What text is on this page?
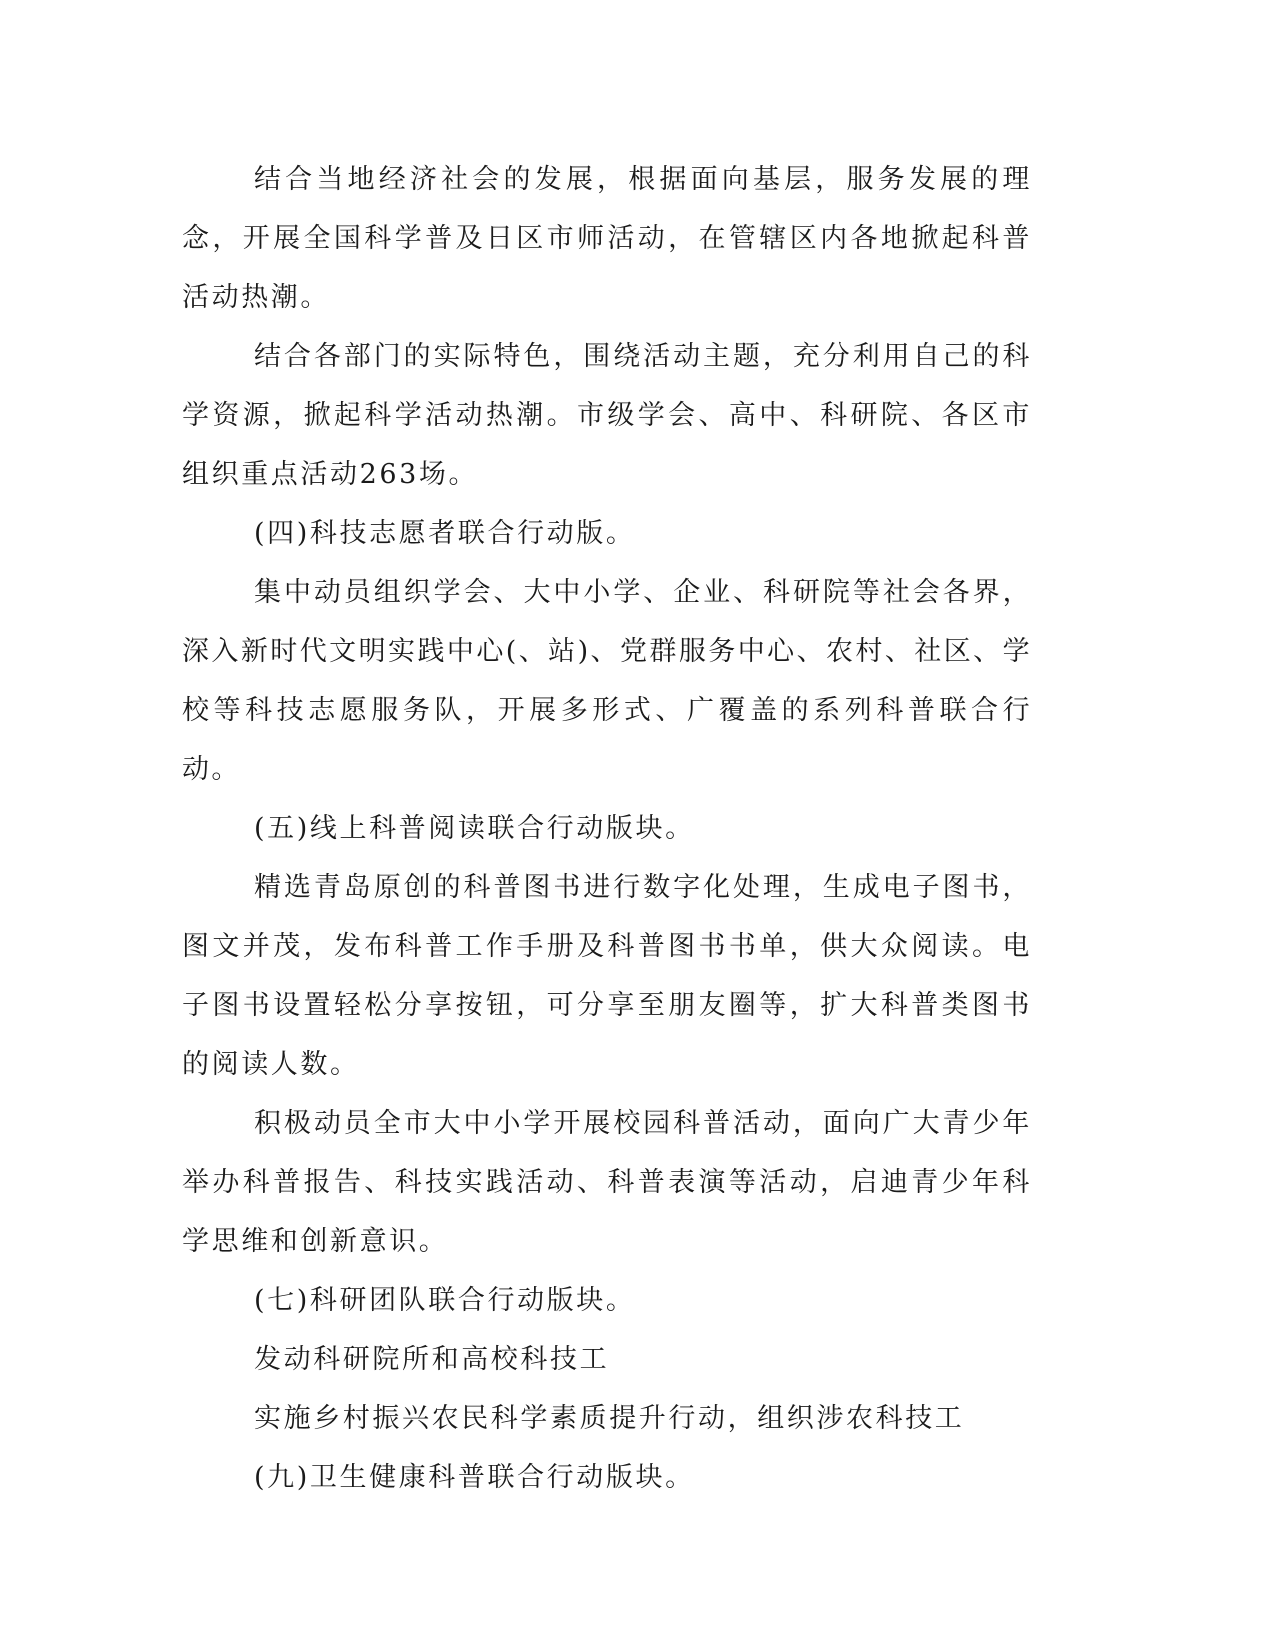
结合当地经济社会的发展，根据面向基层，服务发展的理念，开展全国科学普及日区市师活动，在管辖区内各地掀起科普活动热潮。

结合各部门的实际特色，围绕活动主题，充分利用自己的科学资源，掀起科学活动热潮。市级学会、高中、科研院、各区市组织重点活动263场。

(四)科技志愿者联合行动版。

集中动员组织学会、大中小学、企业、科研院等社会各界，深入新时代文明实践中心(、站)、党群服务中心、农村、社区、学校等科技志愿服务队，开展多形式、广覆盖的系列科普联合行动。

(五)线上科普阅读联合行动版块。

精选青岛原创的科普图书进行数字化处理，生成电子图书，图文并茂，发布科普工作手册及科普图书书单，供大众阅读。电子图书设置轻松分享按钮，可分享至朋友圈等，扩大科普类图书的阅读人数。

积极动员全市大中小学开展校园科普活动，面向广大青少年举办科普报告、科技实践活动、科普表演等活动，启迪青少年科学思维和创新意识。

(七)科研团队联合行动版块。

发动科研院所和高校科技工

实施乡村振兴农民科学素质提升行动，组织涉农科技工

(九)卫生健康科普联合行动版块。
